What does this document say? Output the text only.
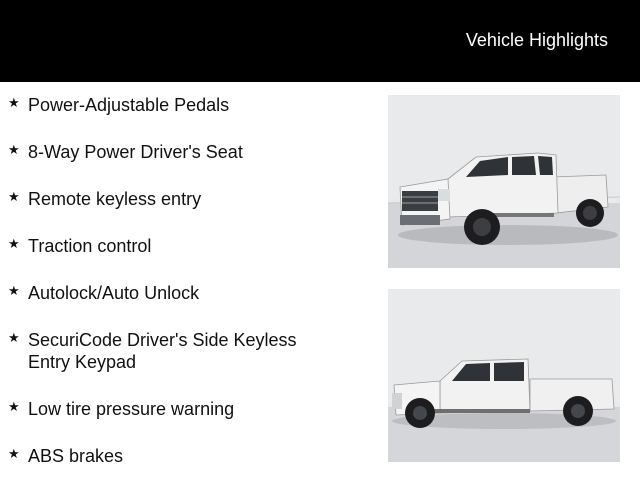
Vehicle Highlights
★ Power-Adjustable Pedals
★ 8-Way Power Driver's Seat
★ Remote keyless entry
★ Traction control
★ Autolock/Auto Unlock
★ SecuriCode Driver's Side Keyless Entry Keypad
★ Low tire pressure warning
★ ABS brakes
